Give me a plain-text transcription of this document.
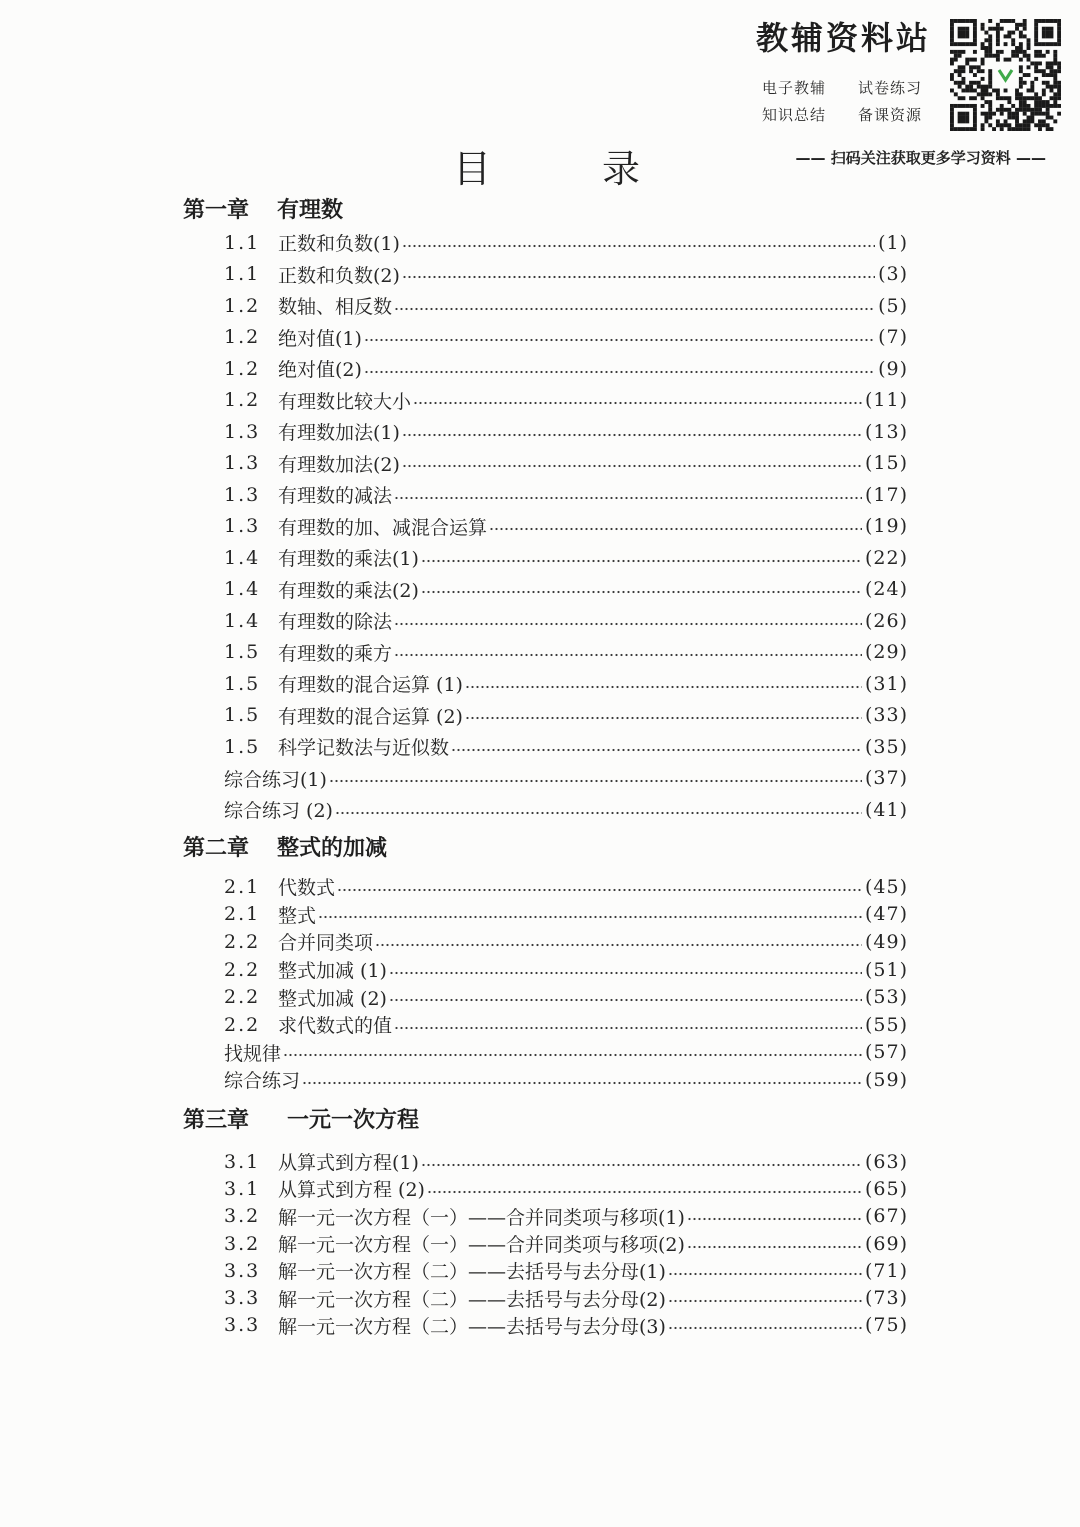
教辅资料站
电子教辅 试卷练习
知识总结 备课资源
—— 扫码关注获取更多学习资料 ——
目	录
第一章 有理数
1.1 正数和负数(1)	(1)
1.1 正数和负数(2)	(3)
1.2 数轴、相反数	(5)
1.2 绝对值(1)	(7)
1.2 绝对值(2)	(9)
1.2 有理数比较大小	(11)
1.3 有理数加法(1)	(13)
1.3 有理数加法(2)	(15)
1.3 有理数的减法	(17)
1.3 有理数的加、减混合运算	(19)
1.4 有理数的乘法(1)	(22)
1.4 有理数的乘法(2)	(24)
1.4 有理数的除法	(26)
1.5 有理数的乘方	(29)
1.5 有理数的混合运算 (1)	(31)
1.5 有理数的混合运算 (2)	(33)
1.5 科学记数法与近似数	(35)
综合练习(1)	(37)
综合练习 (2)	(41)
第二章 整式的加减
2.1 代数式	(45)
2.1 整式	(47)
2.2 合并同类项	(49)
2.2 整式加减 (1)	(51)
2.2 整式加减 (2)	(53)
2.2 求代数式的值	(55)
找规律	(57)
综合练习	(59)
第三章 一元一次方程
3.1 从算式到方程(1)	(63)
3.1 从算式到方程 (2)	(65)
3.2 解一元一次方程（一）——合并同类项与移项(1)	(67)
3.2 解一元一次方程（一）——合并同类项与移项(2)	(69)
3.3 解一元一次方程（二）——去括号与去分母(1)	(71)
3.3 解一元一次方程（二）——去括号与去分母(2)	(73)
3.3 解一元一次方程（二）——去括号与去分母(3)	(75)
